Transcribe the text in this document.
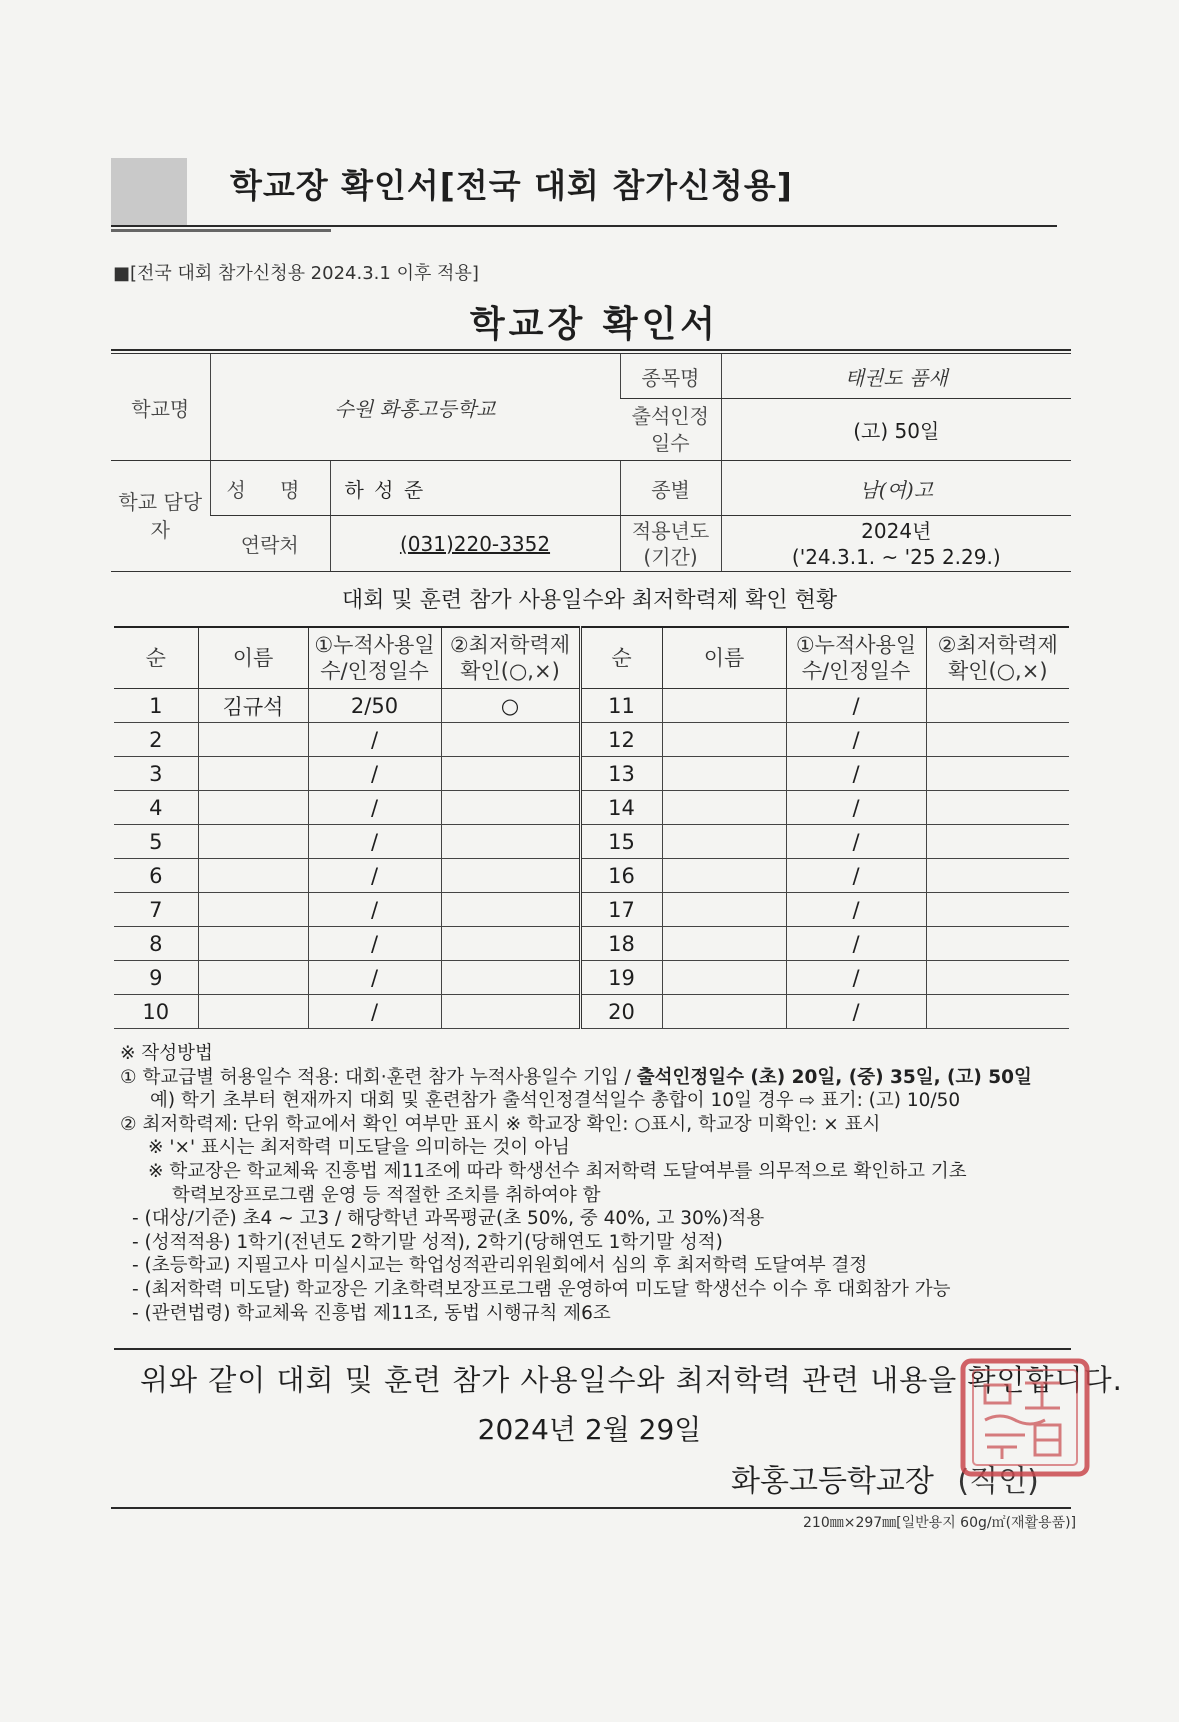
학교장 확인서[전국 대회 참가신청용]
■[전국 대회 참가신청용 2024.3.1 이후 적용]
학교장 확인서
학교명	수원 화홍고등학교		종목명	태권도 품새
			출석인정 일수	(고) 50일
학교 담당자	성 명	하 성 준	종별	남(여)고
	연락처	(031)220-3352	적용년도 (기간)	2024년
('24.3.1. ~ '25 2.29.)
대회 및 훈련 참가 사용일수와 최저학력제 확인 현황
순	이름	①누적사용일수/인정일수	②최저학력제 확인(○,×)	순	이름	①누적사용일수/인정일수	②최저학력제 확인(○,×)
1	김규석	2/50	○	11		/	
2		/		12		/	
3		/		13		/	
4		/		14		/	
5		/		15		/	
6		/		16		/	
7		/		17		/	
8		/		18		/	
9		/		19		/	
10		/		20		/	
※ 작성방법
① 학교급별 허용일수 적용: 대회·훈련 참가 누적사용일수 기입 / 출석인정일수 (초) 20일, (중) 35일, (고) 50일
예) 학기 초부터 현재까지 대회 및 훈련참가 출석인정결석일수 총합이 10일 경우 ⇨ 표기: (고) 10/50
② 최저학력제: 단위 학교에서 확인 여부만 표시 ※ 학교장 확인: ○표시, 학교장 미확인: × 표시
※ '×' 표시는 최저학력 미도달을 의미하는 것이 아님
※ 학교장은 학교체육 진흥법 제11조에 따라 학생선수 최저학력 도달여부를 의무적으로 확인하고 기초
학력보장프로그램 운영 등 적절한 조치를 취하여야 함
- (대상/기준) 초4 ~ 고3 / 해당학년 과목평균(초 50%, 중 40%, 고 30%)적용
- (성적적용) 1학기(전년도 2학기말 성적), 2학기(당해연도 1학기말 성적)
- (초등학교) 지필고사 미실시교는 학업성적관리위원회에서 심의 후 최저학력 도달여부 결정
- (최저학력 미도달) 학교장은 기초학력보장프로그램 운영하여 미도달 학생선수 이수 후 대회참가 가능
- (관련법령) 학교체육 진흥법 제11조, 동법 시행규칙 제6조
위와 같이 대회 및 훈련 참가 사용일수와 최저학력 관련 내용을 확인합니다.
2024년 2월 29일
화홍고등학교장 (직인)
210㎜×297㎜[일반용지 60g/㎡(재활용품)]
